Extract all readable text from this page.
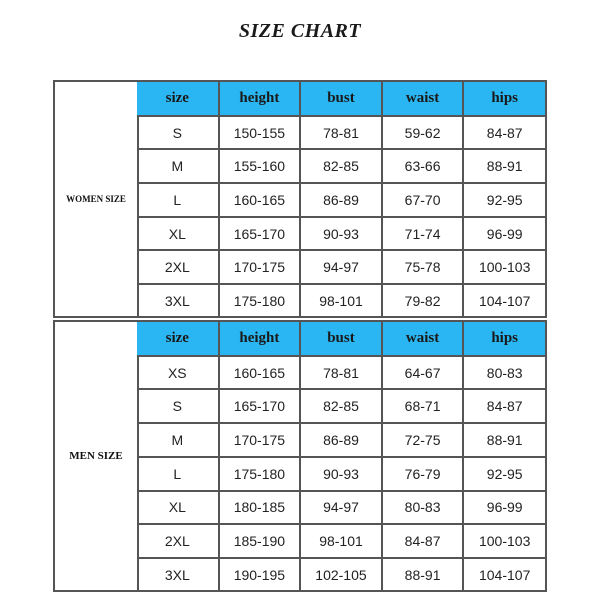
SIZE CHART
WOMEN SIZE
size	height	bust	waist	hips
S	150-155	78-81	59-62	84-87
M	155-160	82-85	63-66	88-91
L	160-165	86-89	67-70	92-95
XL	165-170	90-93	71-74	96-99
2XL	170-175	94-97	75-78	100-103
3XL	175-180	98-101	79-82	104-107
MEN SIZE
size	height	bust	waist	hips
XS	160-165	78-81	64-67	80-83
S	165-170	82-85	68-71	84-87
M	170-175	86-89	72-75	88-91
L	175-180	90-93	76-79	92-95
XL	180-185	94-97	80-83	96-99
2XL	185-190	98-101	84-87	100-103
3XL	190-195	102-105	88-91	104-107
